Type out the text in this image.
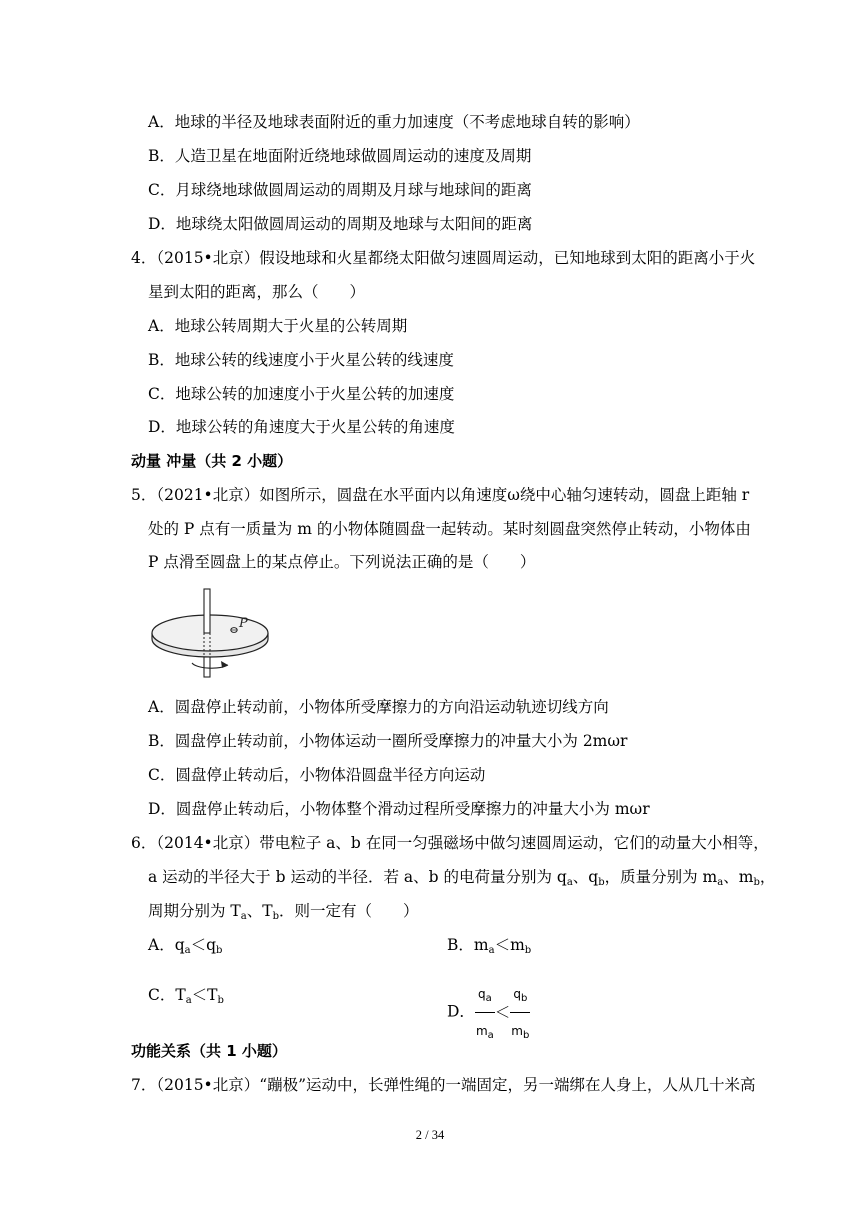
A．地球的半径及地球表面附近的重力加速度（不考虑地球自转的影响）
B．人造卫星在地面附近绕地球做圆周运动的速度及周期
C．月球绕地球做圆周运动的周期及月球与地球间的距离
D．地球绕太阳做圆周运动的周期及地球与太阳间的距离
4．（2015•北京）假设地球和火星都绕太阳做匀速圆周运动，已知地球到太阳的距离小于火
星到太阳的距离，那么（　　）
A．地球公转周期大于火星的公转周期
B．地球公转的线速度小于火星公转的线速度
C．地球公转的加速度小于火星公转的加速度
D．地球公转的角速度大于火星公转的角速度
动量 冲量（共 2 小题）
5．（2021•北京）如图所示，圆盘在水平面内以角速度ω绕中心轴匀速转动，圆盘上距轴 r
处的 P 点有一质量为 m 的小物体随圆盘一起转动。某时刻圆盘突然停止转动，小物体由
P 点滑至圆盘上的某点停止。下列说法正确的是（　　）
P
A．圆盘停止转动前，小物体所受摩擦力的方向沿运动轨迹切线方向
B．圆盘停止转动前，小物体运动一圈所受摩擦力的冲量大小为 2mωr
C．圆盘停止转动后，小物体沿圆盘半径方向运动
D．圆盘停止转动后，小物体整个滑动过程所受摩擦力的冲量大小为 mωr
6．（2014•北京）带电粒子 a、b 在同一匀强磁场中做匀速圆周运动，它们的动量大小相等，
a 运动的半径大于 b 运动的半径．若 a、b 的电荷量分别为 $q_a$、$q_b$，质量分别为 $m_a$、$m_b$，
周期分别为 $T_a$、$T_b$．则一定有（　　）
A．$q_a<q_b$	B．$m_a<m_b$
C．$T_a<T_b$
D． $\frac{q_a}{m_a} < \frac{q_b}{m_b}$
功能关系（共 1 小题）
7．（2015•北京）“蹦极”运动中，长弹性绳的一端固定，另一端绑在人身上，人从几十米高
2 / 34
